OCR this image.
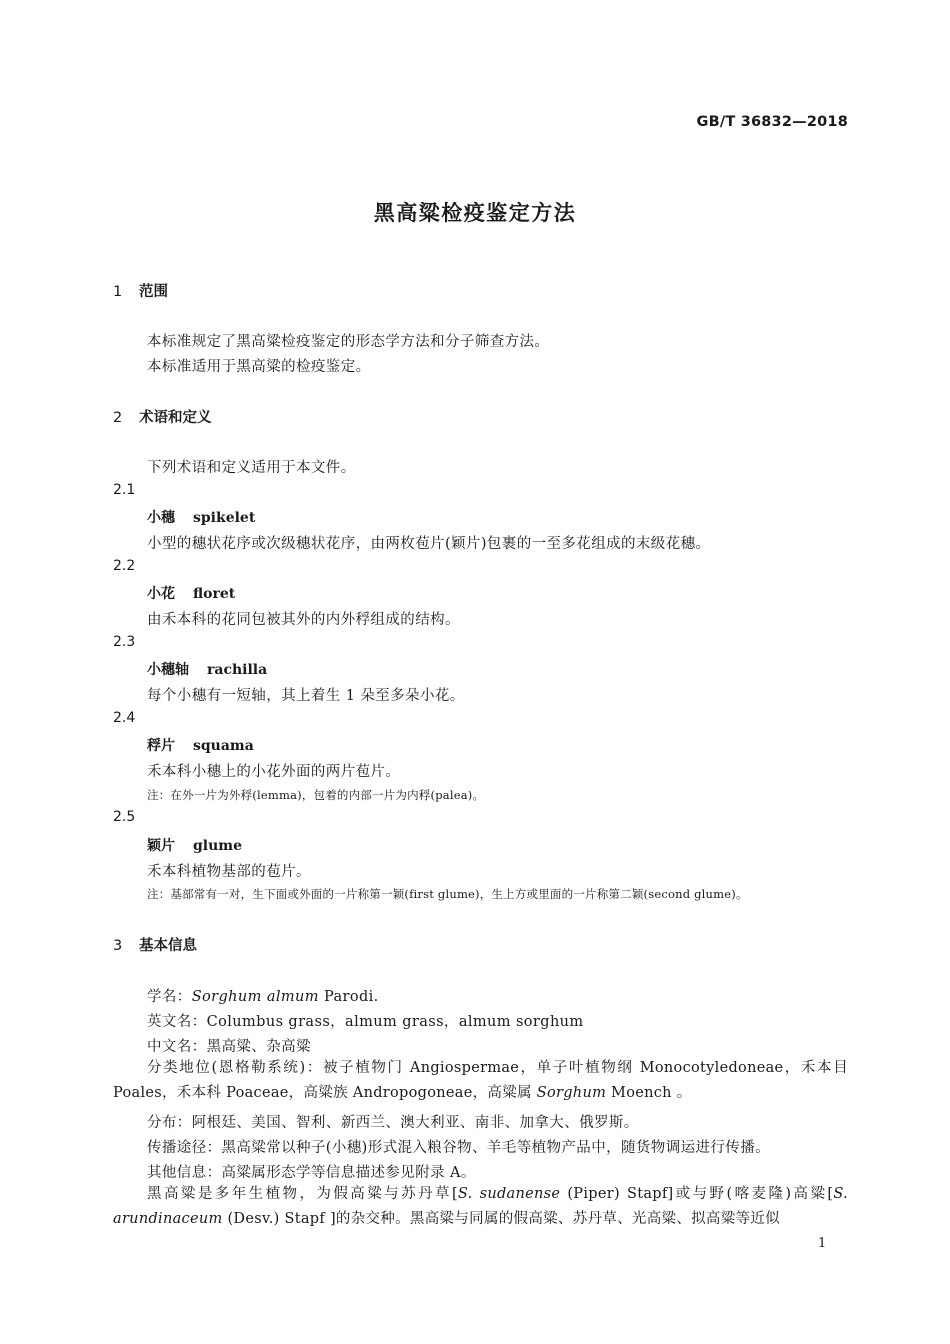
GB/T 36832—2018
黑高粱检疫鉴定方法
1 范围
本标准规定了黑高粱检疫鉴定的形态学方法和分子筛查方法。
本标准适用于黑高粱的检疫鉴定。
2 术语和定义
下列术语和定义适用于本文件。
2.1
小穗 spikelet
小型的穗状花序或次级穗状花序，由两枚苞片(颖片)包裹的一至多花组成的末级花穗。
2.2
小花 floret
由禾本科的花同包被其外的内外稃组成的结构。
2.3
小穗轴 rachilla
每个小穗有一短轴，其上着生 1 朵至多朵小花。
2.4
稃片 squama
禾本科小穗上的小花外面的两片苞片。
注：在外一片为外稃(lemma)，包着的内部一片为内稃(palea)。
2.5
颖片 glume
禾本科植物基部的苞片。
注：基部常有一对，生下面或外面的一片称第一颖(first glume)，生上方或里面的一片称第二颖(second glume)。
3 基本信息
学名：Sorghum almum Parodi.
英文名：Columbus grass，almum grass，almum sorghum
中文名：黑高粱、杂高粱
分类地位(恩格勒系统)：被子植物门 Angiospermae，单子叶植物纲 Monocotyledoneae，禾本目 Poales，禾本科 Poaceae，高粱族 Andropogoneae，高粱属 Sorghum Moench 。
分布：阿根廷、美国、智利、新西兰、澳大利亚、南非、加拿大、俄罗斯。
传播途径：黑高粱常以种子(小穗)形式混入粮谷物、羊毛等植物产品中，随货物调运进行传播。
其他信息：高粱属形态学等信息描述参见附录 A。
黑高粱是多年生植物，为假高粱与苏丹草[S. sudanense (Piper) Stapf]或与野(喀麦隆)高粱[S. arundinaceum (Desv.) Stapf ]的杂交种。黑高粱与同属的假高粱、苏丹草、光高粱、拟高粱等近似
1
